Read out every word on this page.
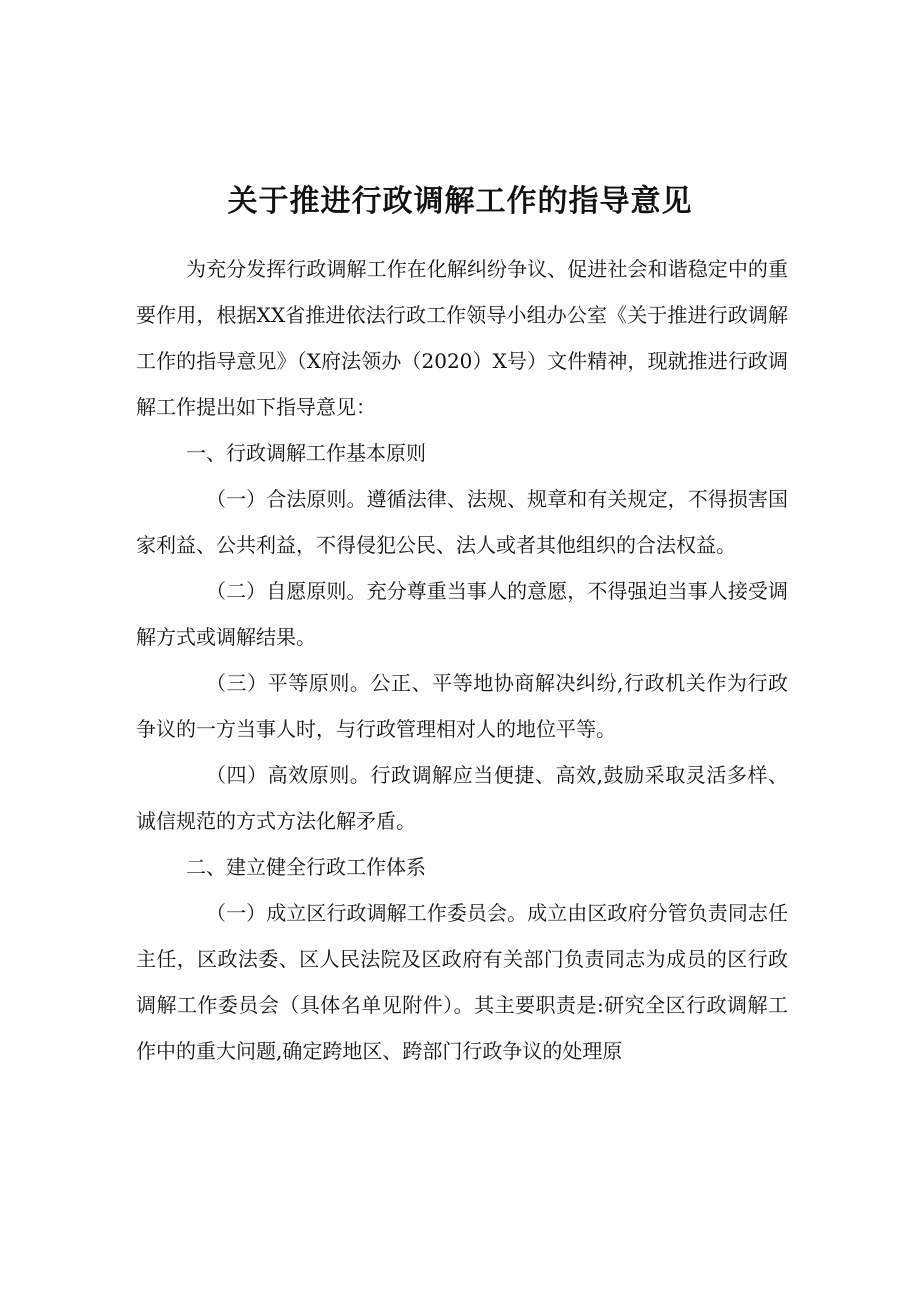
关于推进行政调解工作的指导意见

为充分发挥行政调解工作在化解纠纷争议、促进社会和谐稳定中的重要作用，根据XX省推进依法行政工作领导小组办公室《关于推进行政调解工作的指导意见》（X府法领办（2020）X号）文件精神，现就推进行政调解工作提出如下指导意见：

一、行政调解工作基本原则

（一）合法原则。遵循法律、法规、规章和有关规定，不得损害国家利益、公共利益，不得侵犯公民、法人或者其他组织的合法权益。

（二）自愿原则。充分尊重当事人的意愿，不得强迫当事人接受调解方式或调解结果。

（三）平等原则。公正、平等地协商解决纠纷,行政机关作为行政争议的一方当事人时，与行政管理相对人的地位平等。

（四）高效原则。行政调解应当便捷、高效,鼓励采取灵活多样、诚信规范的方式方法化解矛盾。

二、建立健全行政工作体系

（一）成立区行政调解工作委员会。成立由区政府分管负责同志任主任，区政法委、区人民法院及区政府有关部门负责同志为成员的区行政调解工作委员会（具体名单见附件）。其主要职责是:研究全区行政调解工作中的重大问题,确定跨地区、跨部门行政争议的处理原
